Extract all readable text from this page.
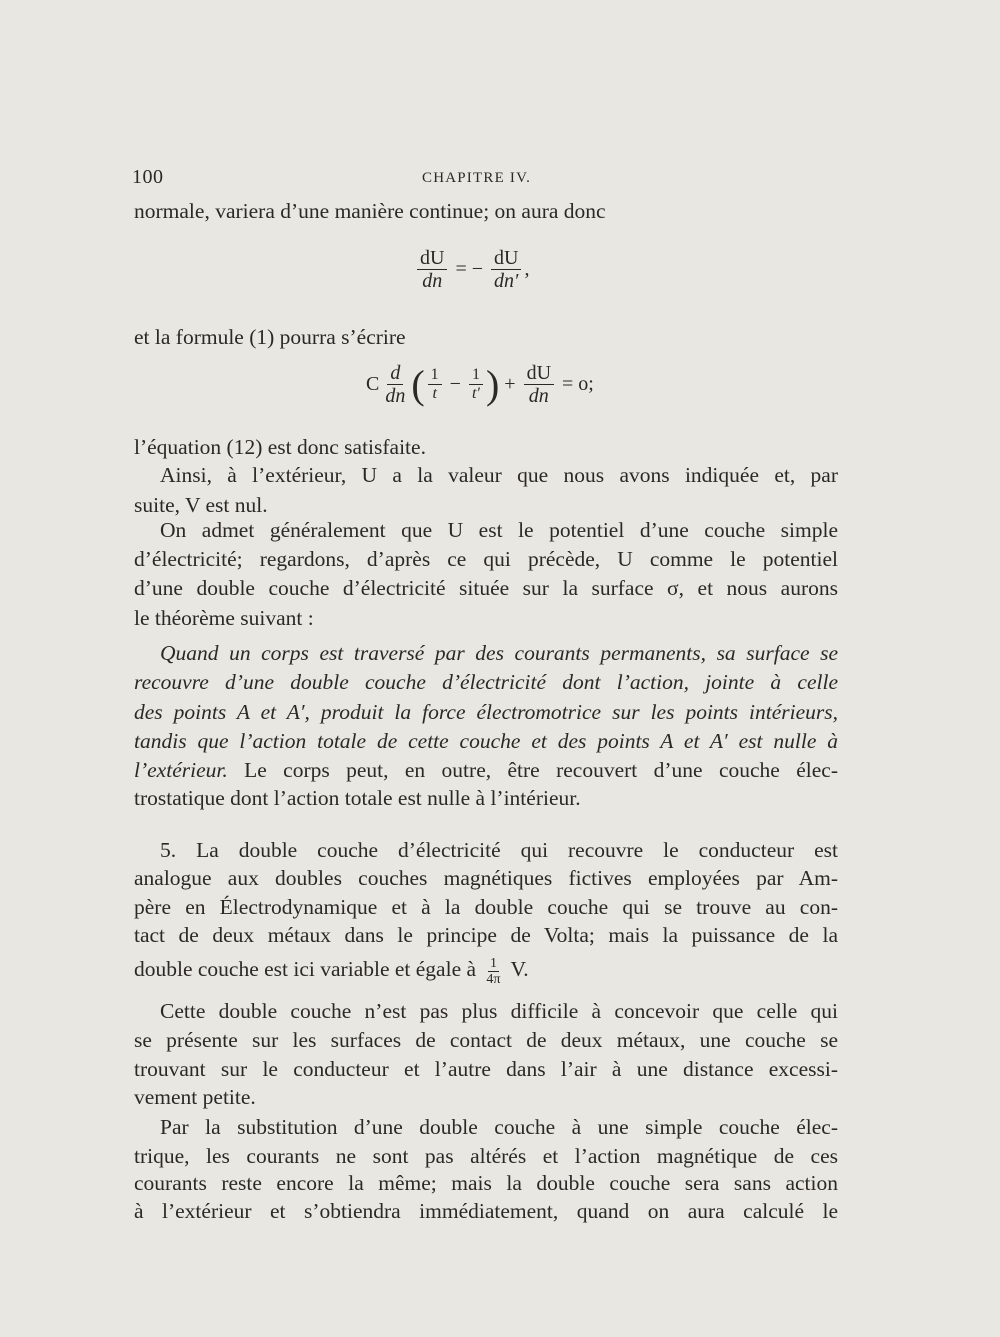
100	CHAPITRE IV.
normale, variera d’une manière continue; on aura donc
$\frac{dU}{dn}$ = − $\frac{dU}{dn'}$ ,
et la formule (1) pourra s’écrire
C $\frac{d}{dn}$ ( $\frac{1}{t} - \frac{1}{t'}$ ) + $\frac{dU}{dn} = o$;
l’équation (12) est donc satisfaite.
Ainsi, à l’extérieur, U a la valeur que nous avons indiquée et, par
suite, V est nul.
On admet généralement que U est le potentiel d’une couche simple
d’électricité; regardons, d’après ce qui précède, U comme le potentiel
d’une double couche d’électricité située sur la surface σ, et nous aurons
le théorème suivant :
Quand un corps est traversé par des courants permanents, sa surface se
recouvre d’une double couche d’électricité dont l’action, jointe à celle
des points A et A′, produit la force électromotrice sur les points intérieurs,
tandis que l’action totale de cette couche et des points A et A′ est nulle à
l’extérieur. Le corps peut, en outre, être recouvert d’une couche élec-
trostatique dont l’action totale est nulle à l’intérieur.
5. La double couche d’électricité qui recouvre le conducteur est
analogue aux doubles couches magnétiques fictives employées par Am-
père en Électrodynamique et à la double couche qui se trouve au con-
tact de deux métaux dans le principe de Volta; mais la puissance de la
double couche est ici variable et égale à $\frac{1}{4\pi} V$.
Cette double couche n’est pas plus difficile à concevoir que celle qui
se présente sur les surfaces de contact de deux métaux, une couche se
trouvant sur le conducteur et l’autre dans l’air à une distance excessi-
vement petite.
Par la substitution d’une double couche à une simple couche élec-
trique, les courants ne sont pas altérés et l’action magnétique de ces
courants reste encore la même; mais la double couche sera sans action
à l’extérieur et s’obtiendra immédiatement, quand on aura calculé le
